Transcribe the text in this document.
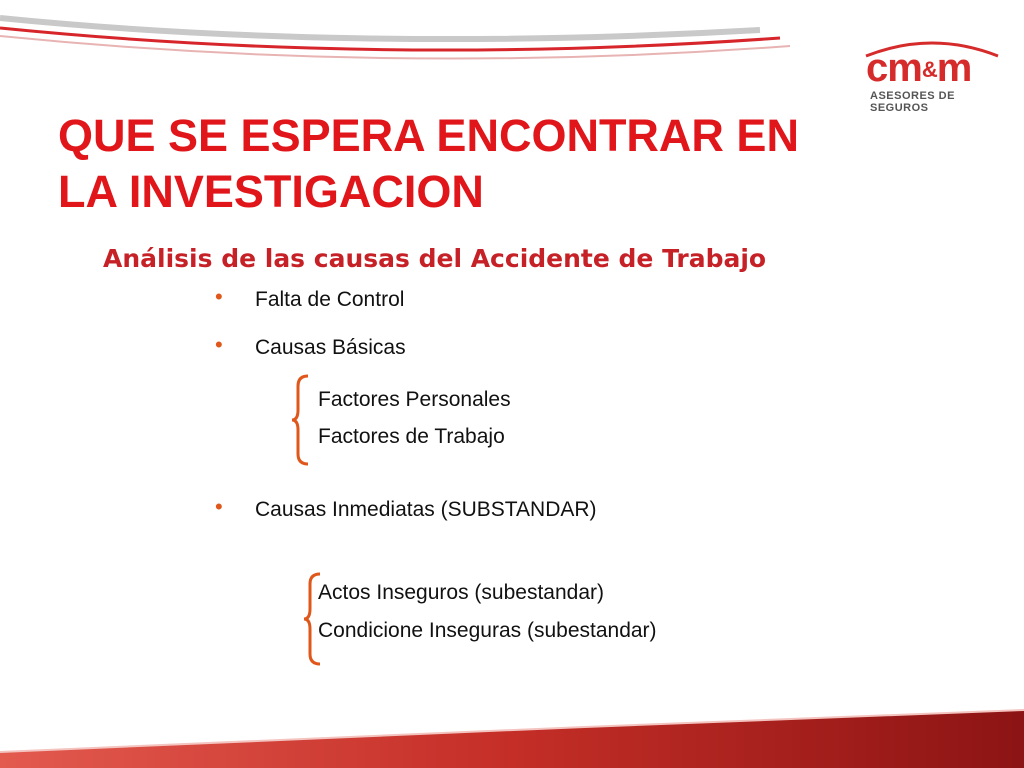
cm&m
ASESORES DE SEGUROS
QUE SE ESPERA ENCONTRAR EN
LA INVESTIGACION
Análisis de las causas del Accidente de Trabajo
• Falta de Control
• Causas Básicas
Factores Personales
Factores de Trabajo
• Causas Inmediatas (SUBSTANDAR)
Actos Inseguros (subestandar)
Condicione Inseguras (subestandar)
